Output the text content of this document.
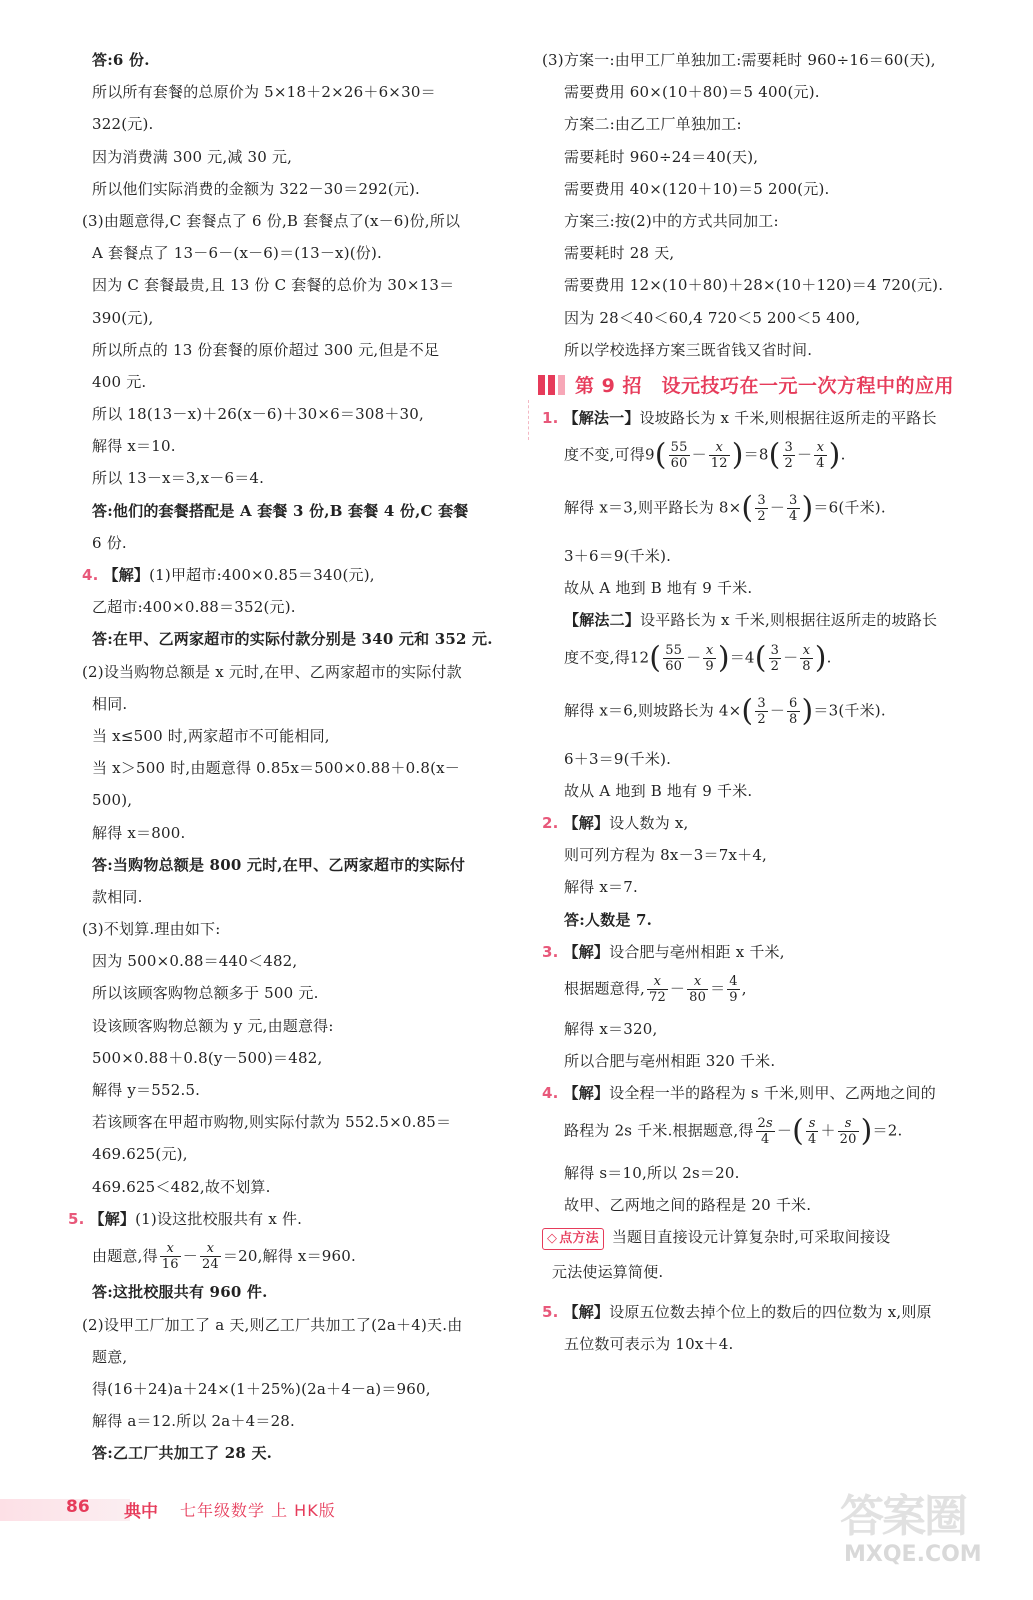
答:6 份.
所以所有套餐的总原价为 5×18＋2×26＋6×30＝
322(元).
因为消费满 300 元,减 30 元,
所以他们实际消费的金额为 322－30＝292(元).
(3)由题意得,C 套餐点了 6 份,B 套餐点了(x－6)份,所以
A 套餐点了 13－6－(x－6)＝(13－x)(份).
因为 C 套餐最贵,且 13 份 C 套餐的总价为 30×13＝
390(元),
所以所点的 13 份套餐的原价超过 300 元,但是不足
400 元.
所以 18(13－x)＋26(x－6)＋30×6＝308＋30,
解得 x＝10.
所以 13－x＝3,x－6＝4.
答:他们的套餐搭配是 A 套餐 3 份,B 套餐 4 份,C 套餐
6 份.
4. 【解】(1)甲超市:400×0.85＝340(元),
乙超市:400×0.88＝352(元).
答:在甲、乙两家超市的实际付款分别是 340 元和 352 元.
(2)设当购物总额是 x 元时,在甲、乙两家超市的实际付款
相同.
当 x≤500 时,两家超市不可能相同,
当 x＞500 时,由题意得 0.85x＝500×0.88＋0.8(x－
500),
解得 x＝800.
答:当购物总额是 800 元时,在甲、乙两家超市的实际付
款相同.
(3)不划算.理由如下:
因为 500×0.88＝440＜482,
所以该顾客购物总额多于 500 元.
设该顾客购物总额为 y 元,由题意得:
500×0.88＋0.8(y－500)＝482,
解得 y＝552.5.
若该顾客在甲超市购物,则实际付款为 552.5×0.85＝
469.625(元),
469.625＜482,故不划算.
5. 【解】(1)设这批校服共有 x 件.
由题意,得 $\frac{x}{16} - \frac{x}{24} =20$,解得 x＝960.
答:这批校服共有 960 件.
(2)设甲工厂加工了 a 天,则乙工厂共加工了(2a＋4)天.由
题意,
得(16＋24)a＋24×(1＋25%)(2a＋4－a)＝960,
解得 a＝12.所以 2a＋4＝28.
答:乙工厂共加工了 28 天.
(3)方案一:由甲工厂单独加工:需要耗时 960÷16＝60(天),
需要费用 60×(10＋80)＝5 400(元).
方案二:由乙工厂单独加工:
需要耗时 960÷24＝40(天),
需要费用 40×(120＋10)＝5 200(元).
方案三:按(2)中的方式共同加工:
需要耗时 28 天,
需要费用 12×(10＋80)＋28×(10＋120)＝4 720(元).
因为 28＜40＜60,4 720＜5 200＜5 400,
所以学校选择方案三既省钱又省时间.
第 9 招　设元技巧在一元一次方程中的应用
1. 【解法一】设坡路长为 x 千米,则根据往返所走的平路长
度不变,可得$9( \frac{55}{60} - \frac{x}{12} )=8( \frac{3}{2} - \frac{x}{4}$ ).
解得 x＝3,则平路长为 $8\times( \frac{3}{2} - \frac{3}{4} )=6$(千米).
3＋6＝9(千米).
故从 A 地到 B 地有 9 千米.
【解法二】设平路长为 x 千米,则根据往返所走的坡路长
度不变,得$12( \frac{55}{60} - \frac{x}{9} )=4( \frac{3}{2} - \frac{x}{8}$ ).
解得 x＝6,则坡路长为 $4\times( \frac{3}{2} - \frac{6}{8} )=3$(千米).
6＋3＝9(千米).
故从 A 地到 B 地有 9 千米.
2. 【解】设人数为 x,
则可列方程为 8x－3＝7x＋4,
解得 x＝7.
答:人数是 7.
3. 【解】设合肥与亳州相距 x 千米,
根据题意得, $\frac{x}{72} - \frac{x}{80} = \frac{4}{9}$ ,
解得 x＝320,
所以合肥与亳州相距 320 千米.
4. 【解】设全程一半的路程为 s 千米,则甲、乙两地之间的
路程为 2s 千米.根据题意,得 $\frac{2s}{4}$ －( $\frac{s}{4} + \frac{s}{20} )=2$.
解得 s＝10,所以 2s＝20.
故甲、乙两地之间的路程是 20 千米.
◇ 点方法 当题目直接设元计算复杂时,可采取间接设
元法使运算简便.
5. 【解】设原五位数去掉个位上的数后的四位数为 x,则原
五位数可表示为 10x＋4.
86 典中 七年级数学 上 HK版	答案圈
MXQE.COM
